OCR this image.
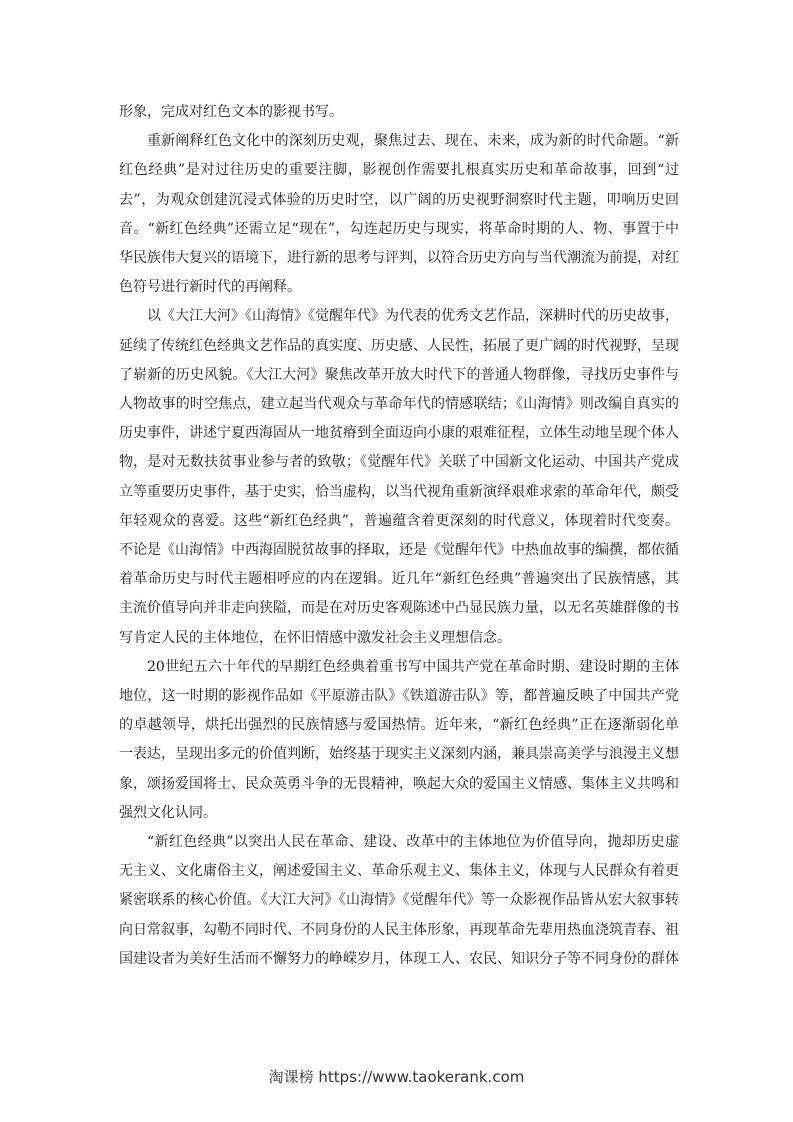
形象，完成对红色文本的影视书写。

重新阐释红色文化中的深刻历史观，聚焦过去、现在、未来，成为新的时代命题。“新红色经典”是对过往历史的重要注脚，影视创作需要扎根真实历史和革命故事，回到“过去”，为观众创建沉浸式体验的历史时空，以广阔的历史视野洞察时代主题，叩响历史回音。“新红色经典”还需立足“现在”，勾连起历史与现实，将革命时期的人、物、事置于中华民族伟大复兴的语境下，进行新的思考与评判，以符合历史方向与当代潮流为前提，对红色符号进行新时代的再阐释。

以《大江大河》《山海情》《觉醒年代》为代表的优秀文艺作品，深耕时代的历史故事，延续了传统红色经典文艺作品的真实度、历史感、人民性，拓展了更广阔的时代视野，呈现了崭新的历史风貌。《大江大河》聚焦改革开放大时代下的普通人物群像，寻找历史事件与人物故事的时空焦点，建立起当代观众与革命年代的情感联结；《山海情》则改编自真实的历史事件，讲述宁夏西海固从一地贫瘠到全面迈向小康的艰难征程，立体生动地呈现个体人物，是对无数扶贫事业参与者的致敬；《觉醒年代》关联了中国新文化运动、中国共产党成立等重要历史事件，基于史实，恰当虚构，以当代视角重新演绎艰难求索的革命年代，颇受年轻观众的喜爱。这些“新红色经典”，普遍蕴含着更深刻的时代意义，体现着时代变奏。不论是《山海情》中西海固脱贫故事的择取，还是《觉醒年代》中热血故事的编撰，都依循着革命历史与时代主题相呼应的内在逻辑。近几年“新红色经典”普遍突出了民族情感，其主流价值导向并非走向狭隘，而是在对历史客观陈述中凸显民族力量，以无名英雄群像的书写肯定人民的主体地位，在怀旧情感中激发社会主义理想信念。

20世纪五六十年代的早期红色经典着重书写中国共产党在革命时期、建设时期的主体地位，这一时期的影视作品如《平原游击队》《铁道游击队》等，都普遍反映了中国共产党的卓越领导，烘托出强烈的民族情感与爱国热情。近年来，“新红色经典”正在逐渐弱化单一表达，呈现出多元的价值判断，始终基于现实主义深刻内涵，兼具崇高美学与浪漫主义想象，颂扬爱国将士、民众英勇斗争的无畏精神，唤起大众的爱国主义情感、集体主义共鸣和强烈文化认同。

“新红色经典”以突出人民在革命、建设、改革中的主体地位为价值导向，抛却历史虚无主义、文化庸俗主义，阐述爱国主义、革命乐观主义、集体主义，体现与人民群众有着更紧密联系的核心价值。《大江大河》《山海情》《觉醒年代》等一众影视作品皆从宏大叙事转向日常叙事，勾勒不同时代、不同身份的人民主体形象，再现革命先辈用热血浇筑青春、祖国建设者为美好生活而不懈努力的峥嵘岁月，体现工人、农民、知识分子等不同身份的群体

淘课榜 https://www.taokerank.com
